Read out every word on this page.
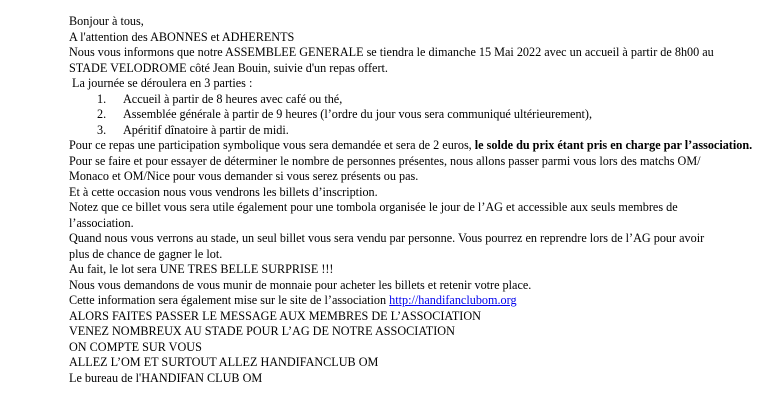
Bonjour à tous,

A l'attention des ABONNES et ADHERENTS

Nous vous informons que notre ASSEMBLEE GENERALE se tiendra le dimanche 15 Mai 2022 avec un accueil à partir de 8h00 au

STADE VELODROME côté Jean Bouin, suivie d'un repas offert.

La journée se déroulera en 3 parties :

1.	Accueil à partir de 8 heures avec café ou thé,
2.	Assemblée générale à partir de 9 heures (l’ordre du jour vous sera communiqué ultérieurement),
3.	Apéritif dînatoire à partir de midi.

Pour ce repas une participation symbolique vous sera demandée et sera de 2 euros, le solde du prix étant pris en charge par l’association.

Pour se faire et pour essayer de déterminer le nombre de personnes présentes, nous allons passer parmi vous lors des matchs OM/

Monaco et OM/Nice pour vous demander si vous serez présents ou pas.

Et à cette occasion nous vous vendrons les billets d’inscription.

Notez que ce billet vous sera utile également pour une tombola organisée le jour de l’AG et accessible aux seuls membres de

l’association.

Quand nous vous verrons au stade, un seul billet vous sera vendu par personne. Vous pourrez en reprendre lors de l’AG pour avoir

plus de chance de gagner le lot.

Au fait, le lot sera UNE TRES BELLE SURPRISE !!!

Nous vous demandons de vous munir de monnaie pour acheter les billets et retenir votre place.

Cette information sera également mise sur le site de l’association http://handifanclubom.org

ALORS FAITES PASSER LE MESSAGE AUX MEMBRES DE L’ASSOCIATION

VENEZ NOMBREUX AU STADE POUR L’AG DE NOTRE ASSOCIATION

ON COMPTE SUR VOUS

ALLEZ L’OM ET SURTOUT ALLEZ HANDIFANCLUB OM

Le bureau de l'HANDIFAN CLUB OM
